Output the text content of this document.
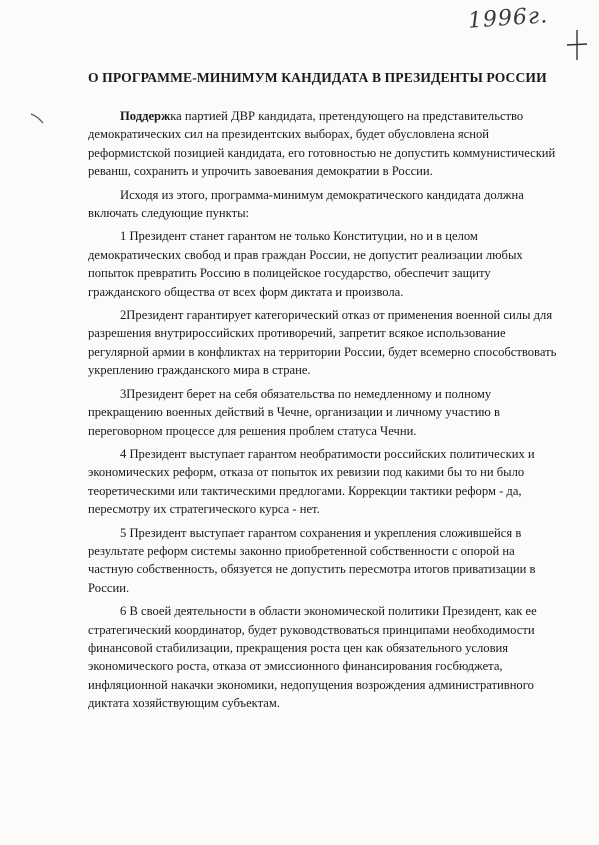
1996г.
О ПРОГРАММЕ-МИНИМУМ КАНДИДАТА В ПРЕЗИДЕНТЫ РОССИИ

Поддержка партией ДВР кандидата, претендующего на представительство демократических сил на президентских выборах, будет обусловлена ясной реформистской позицией кандидата, его готовностью не допустить коммунистический реванш, сохранить и упрочить завоевания демократии в России.

Исходя из этого, программа-минимум демократического кандидата должна включать следующие пункты:

1 Президент станет гарантом не только Конституции, но и в целом демократических свобод и прав граждан России, не допустит реализации любых попыток превратить Россию в полицейское государство, обеспечит защиту гражданского общества от всех форм диктата и произвола.

2Президент гарантирует категорический отказ от применения военной силы для разрешения внутрироссийских противоречий, запретит всякое использование регулярной армии в конфликтах на территории России, будет всемерно способствовать укреплению гражданского мира в стране.

3Президент берет на себя обязательства по немедленному и полному прекращению военных действий в Чечне, организации и личному участию в переговорном процессе для решения проблем статуса Чечни.

4 Президент выступает гарантом необратимости российских политических и экономических реформ, отказа от попыток их ревизии под какими бы то ни было теоретическими или тактическими предлогами. Коррекции тактики реформ - да, пересмотру их стратегического курса - нет.

5 Президент выступает гарантом сохранения и укрепления сложившейся в результате реформ системы законно приобретенной собственности с опорой на частную собственность, обязуется не допустить пересмотра итогов приватизации в России.

6 В своей деятельности в области экономической политики Президент, как ее стратегический координатор, будет руководствоваться принципами необходимости финансовой стабилизации, прекращения роста цен как обязательного условия экономического роста, отказа от эмиссионного финансирования госбюджета, инфляционной накачки экономики, недопущения возрождения административного диктата хозяйствующим субъектам.
